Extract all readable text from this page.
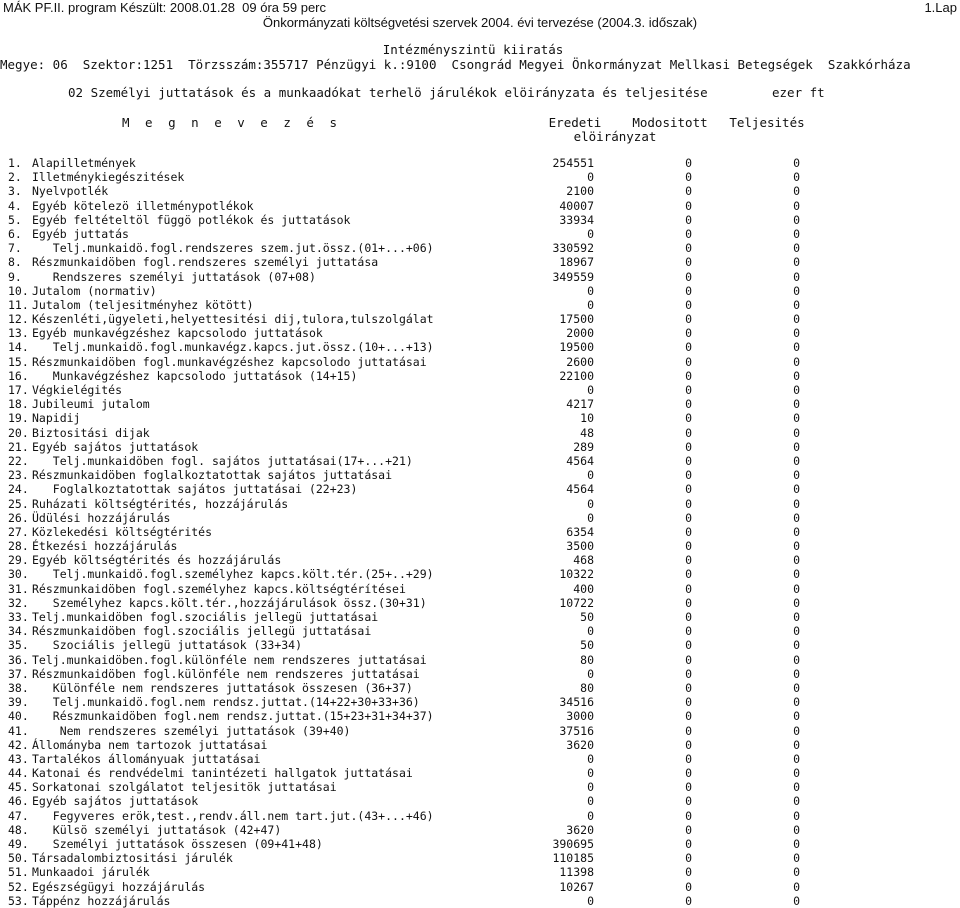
MÁK PF.II. program Készült: 2008.01.28  09 óra 59 perc	1.Lap
Önkormányzati költségvetési szervek 2004. évi tervezése (2004.3. időszak)
Intézményszintü kiiratás
Megye: 06  Szektor:1251  Törzsszám:355717 Pénzügyi k.:9100  Csongrád Megyei Önkormányzat Mellkasi Betegségek  Szakkórháza
02 Személyi juttatások és a munkaadókat terhelö járulékok elöirányzata és teljesitése	ezer ft
M e g n e v e z é s	Eredeti	Modositott
elöirányzat
Teljesités
1. Alapilletmények	254551	0	0
2. Illetménykiegészitések	0	0	0
3. Nyelvpotlék	2100	0	0
4. Egyéb kötelezö illetménypotlékok	40007	0	0
5. Egyéb feltételtöl függö potlékok és juttatások	33934	0	0
6. Egyéb juttatás	0	0	0
7. Telj.munkaidö.fogl.rendszeres szem.jut.össz.(01+...+06)	330592	0	0
8. Részmunkaidöben fogl.rendszeres személyi juttatása	18967	0	0
9. Rendszeres személyi juttatások (07+08)	349559	0	0
10. Jutalom (normativ)	0	0	0
11. Jutalom (teljesitményhez kötött)	0	0	0
12. Készenléti,ügyeleti,helyettesitési dij,tulora,tulszolgálat	17500	0	0
13. Egyéb munkavégzéshez kapcsolodo juttatások	2000	0	0
14. Telj.munkaidö.fogl.munkavégz.kapcs.jut.össz.(10+...+13)	19500	0	0
15. Részmunkaidöben fogl.munkavégzéshez kapcsolodo juttatásai	2600	0	0
16. Munkavégzéshez kapcsolodo juttatások (14+15)	22100	0	0
17. Végkielégités	0	0	0
18. Jubileumi jutalom	4217	0	0
19. Napidij	10	0	0
20. Biztositási dijak	48	0	0
21. Egyéb sajátos juttatások	289	0	0
22. Telj.munkaidöben fogl. sajátos juttatásai(17+...+21)	4564	0	0
23. Részmunkaidöben foglalkoztatottak sajátos juttatásai	0	0	0
24. Foglalkoztatottak sajátos juttatásai (22+23)	4564	0	0
25. Ruházati költségtérités, hozzájárulás	0	0	0
26. Üdülési hozzájárulás	0	0	0
27. Közlekedési költségtérités	6354	0	0
28. Étkezési hozzájárulás	3500	0	0
29. Egyéb költségtérités és hozzájárulás	468	0	0
30. Telj.munkaidö.fogl.személyhez kapcs.költ.tér.(25+..+29)	10322	0	0
31. Részmunkaidöben fogl.személyhez kapcs.költségtérítései	400	0	0
32. Személyhez kapcs.költ.tér.,hozzájárulások össz.(30+31)	10722	0	0
33. Telj.munkaidöben fogl.szociális jellegü juttatásai	50	0	0
34. Részmunkaidöben fogl.szociális jellegü juttatásai	0	0	0
35. Szociális jellegü juttatások (33+34)	50	0	0
36. Telj.munkaidöben.fogl.különféle nem rendszeres juttatásai	80	0	0
37. Részmunkaidöben fogl.különféle nem rendszeres juttatásai	0	0	0
38. Különféle nem rendszeres juttatások összesen (36+37)	80	0	0
39. Telj.munkaidö.fogl.nem rendsz.juttat.(14+22+30+33+36)	34516	0	0
40. Részmunkaidöben fogl.nem rendsz.juttat.(15+23+31+34+37)	3000	0	0
41. Nem rendszeres személyi juttatások (39+40)	37516	0	0
42. Állományba nem tartozok juttatásai	3620	0	0
43. Tartalékos állományuak juttatásai	0	0	0
44. Katonai és rendvédelmi tanintézeti hallgatok juttatásai	0	0	0
45. Sorkatonai szolgálatot teljesitök juttatásai	0	0	0
46. Egyéb sajátos juttatások	0	0	0
47. Fegyveres erök,test.,rendv.áll.nem tart.jut.(43+...+46)	0	0	0
48. Külsö személyi juttatások (42+47)	3620	0	0
49. Személyi juttatások összesen (09+41+48)	390695	0	0
50. Társadalombiztositási járulék	110185	0	0
51. Munkaadoi járulék	11398	0	0
52. Egészségügyi hozzájárulás	10267	0	0
53. Táppénz hozzájárulás	0	0	0
